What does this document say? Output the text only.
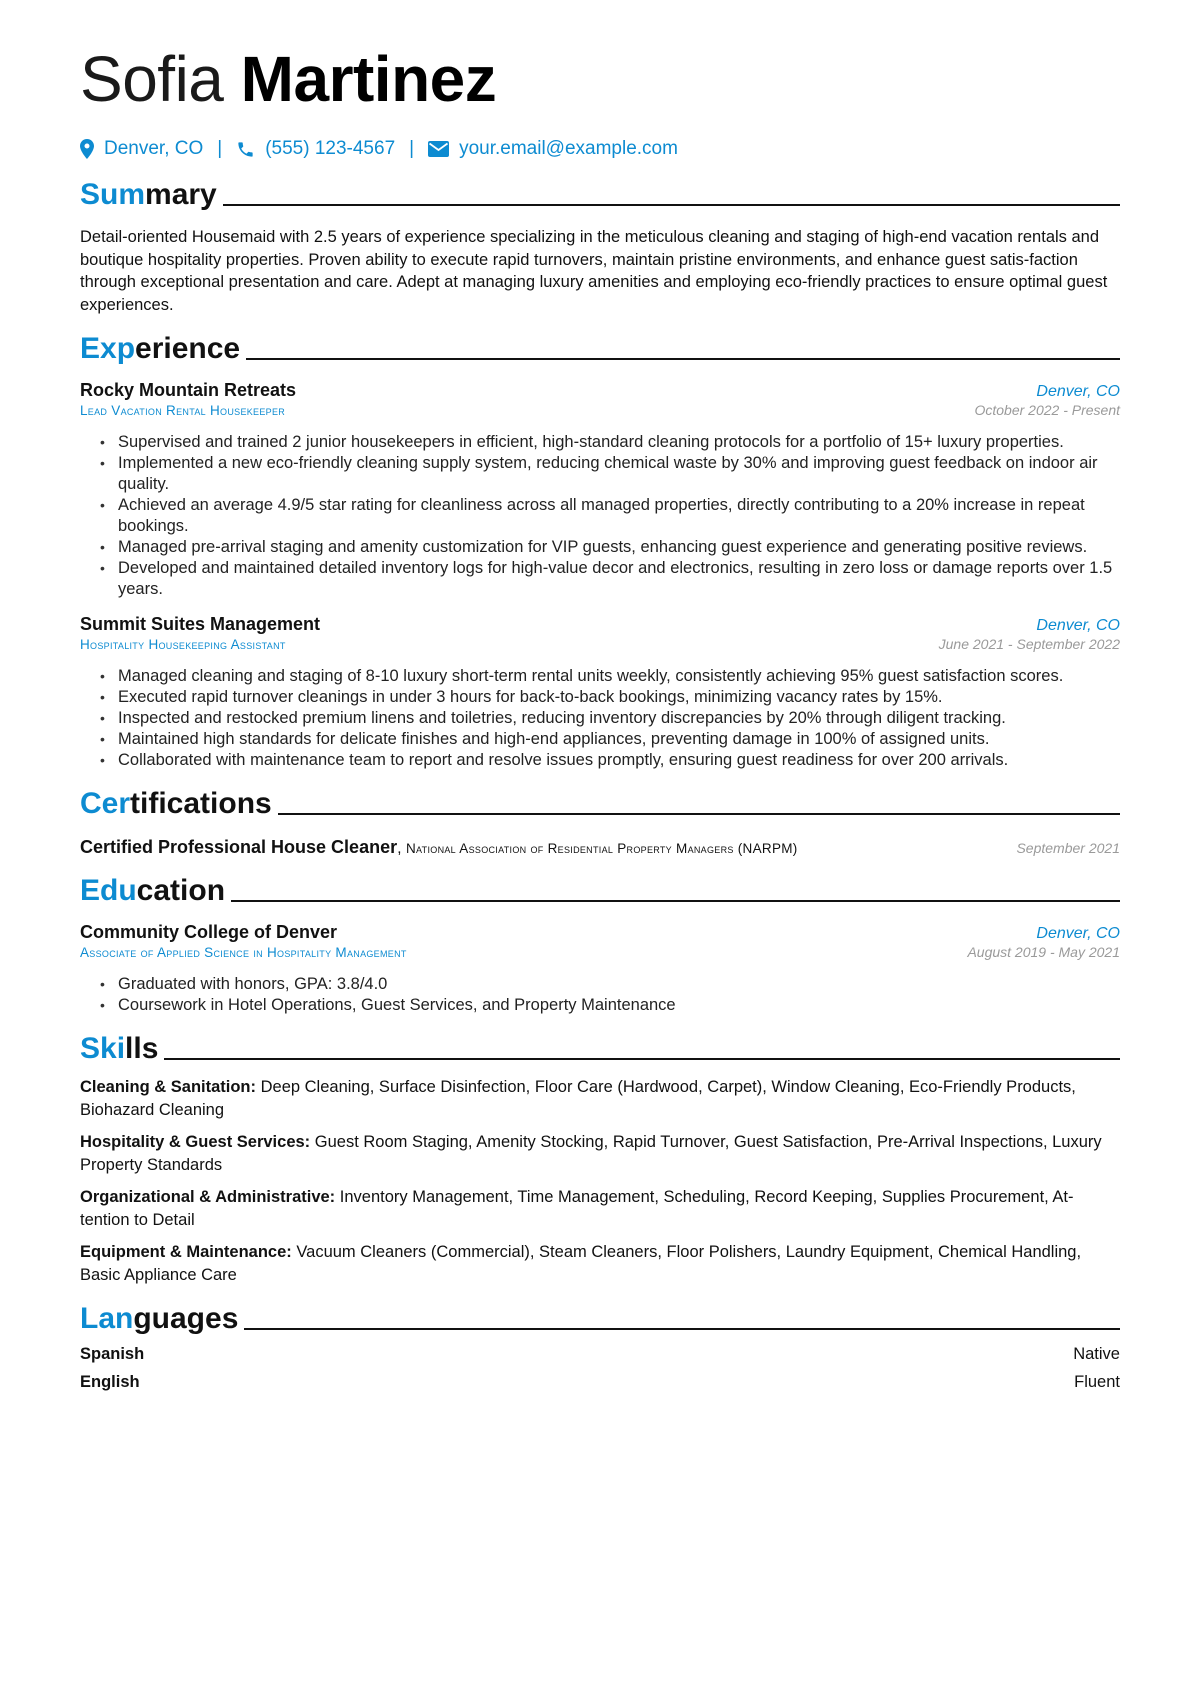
Sofia Martinez
Denver, CO | (555) 123-4567 | your.email@example.com
Summary
Detail-oriented Housemaid with 2.5 years of experience specializing in the meticulous cleaning and staging of high-end vacation rentals and boutique hospitality properties. Proven ability to execute rapid turnovers, maintain pristine environments, and enhance guest satis-faction through exceptional presentation and care. Adept at managing luxury amenities and employing eco-friendly practices to ensure optimal guest experiences.
Experience
Rocky Mountain Retreats	Denver, CO
Lead Vacation Rental Housekeeper	October 2022 - Present
• Supervised and trained 2 junior housekeepers in efficient, high-standard cleaning protocols for a portfolio of 15+ luxury properties.
• Implemented a new eco-friendly cleaning supply system, reducing chemical waste by 30% and improving guest feedback on indoor air quality.
• Achieved an average 4.9/5 star rating for cleanliness across all managed properties, directly contributing to a 20% increase in repeat bookings.
• Managed pre-arrival staging and amenity customization for VIP guests, enhancing guest experience and generating positive reviews.
• Developed and maintained detailed inventory logs for high-value decor and electronics, resulting in zero loss or damage reports over 1.5 years.
Summit Suites Management	Denver, CO
Hospitality Housekeeping Assistant	June 2021 - September 2022
• Managed cleaning and staging of 8-10 luxury short-term rental units weekly, consistently achieving 95% guest satisfaction scores.
• Executed rapid turnover cleanings in under 3 hours for back-to-back bookings, minimizing vacancy rates by 15%.
• Inspected and restocked premium linens and toiletries, reducing inventory discrepancies by 20% through diligent tracking.
• Maintained high standards for delicate finishes and high-end appliances, preventing damage in 100% of assigned units.
• Collaborated with maintenance team to report and resolve issues promptly, ensuring guest readiness for over 200 arrivals.
Certifications
Certified Professional House Cleaner, National Association of Residential Property Managers (NARPM)	September 2021
Education
Community College of Denver	Denver, CO
Associate of Applied Science in Hospitality Management	August 2019 - May 2021
• Graduated with honors, GPA: 3.8/4.0
• Coursework in Hotel Operations, Guest Services, and Property Maintenance
Skills
Cleaning & Sanitation: Deep Cleaning, Surface Disinfection, Floor Care (Hardwood, Carpet), Window Cleaning, Eco-Friendly Products, Biohazard Cleaning
Hospitality & Guest Services: Guest Room Staging, Amenity Stocking, Rapid Turnover, Guest Satisfaction, Pre-Arrival Inspections, Luxury Property Standards
Organizational & Administrative: Inventory Management, Time Management, Scheduling, Record Keeping, Supplies Procurement, At-tention to Detail
Equipment & Maintenance: Vacuum Cleaners (Commercial), Steam Cleaners, Floor Polishers, Laundry Equipment, Chemical Handling, Basic Appliance Care
Languages
Spanish	Native
English	Fluent
